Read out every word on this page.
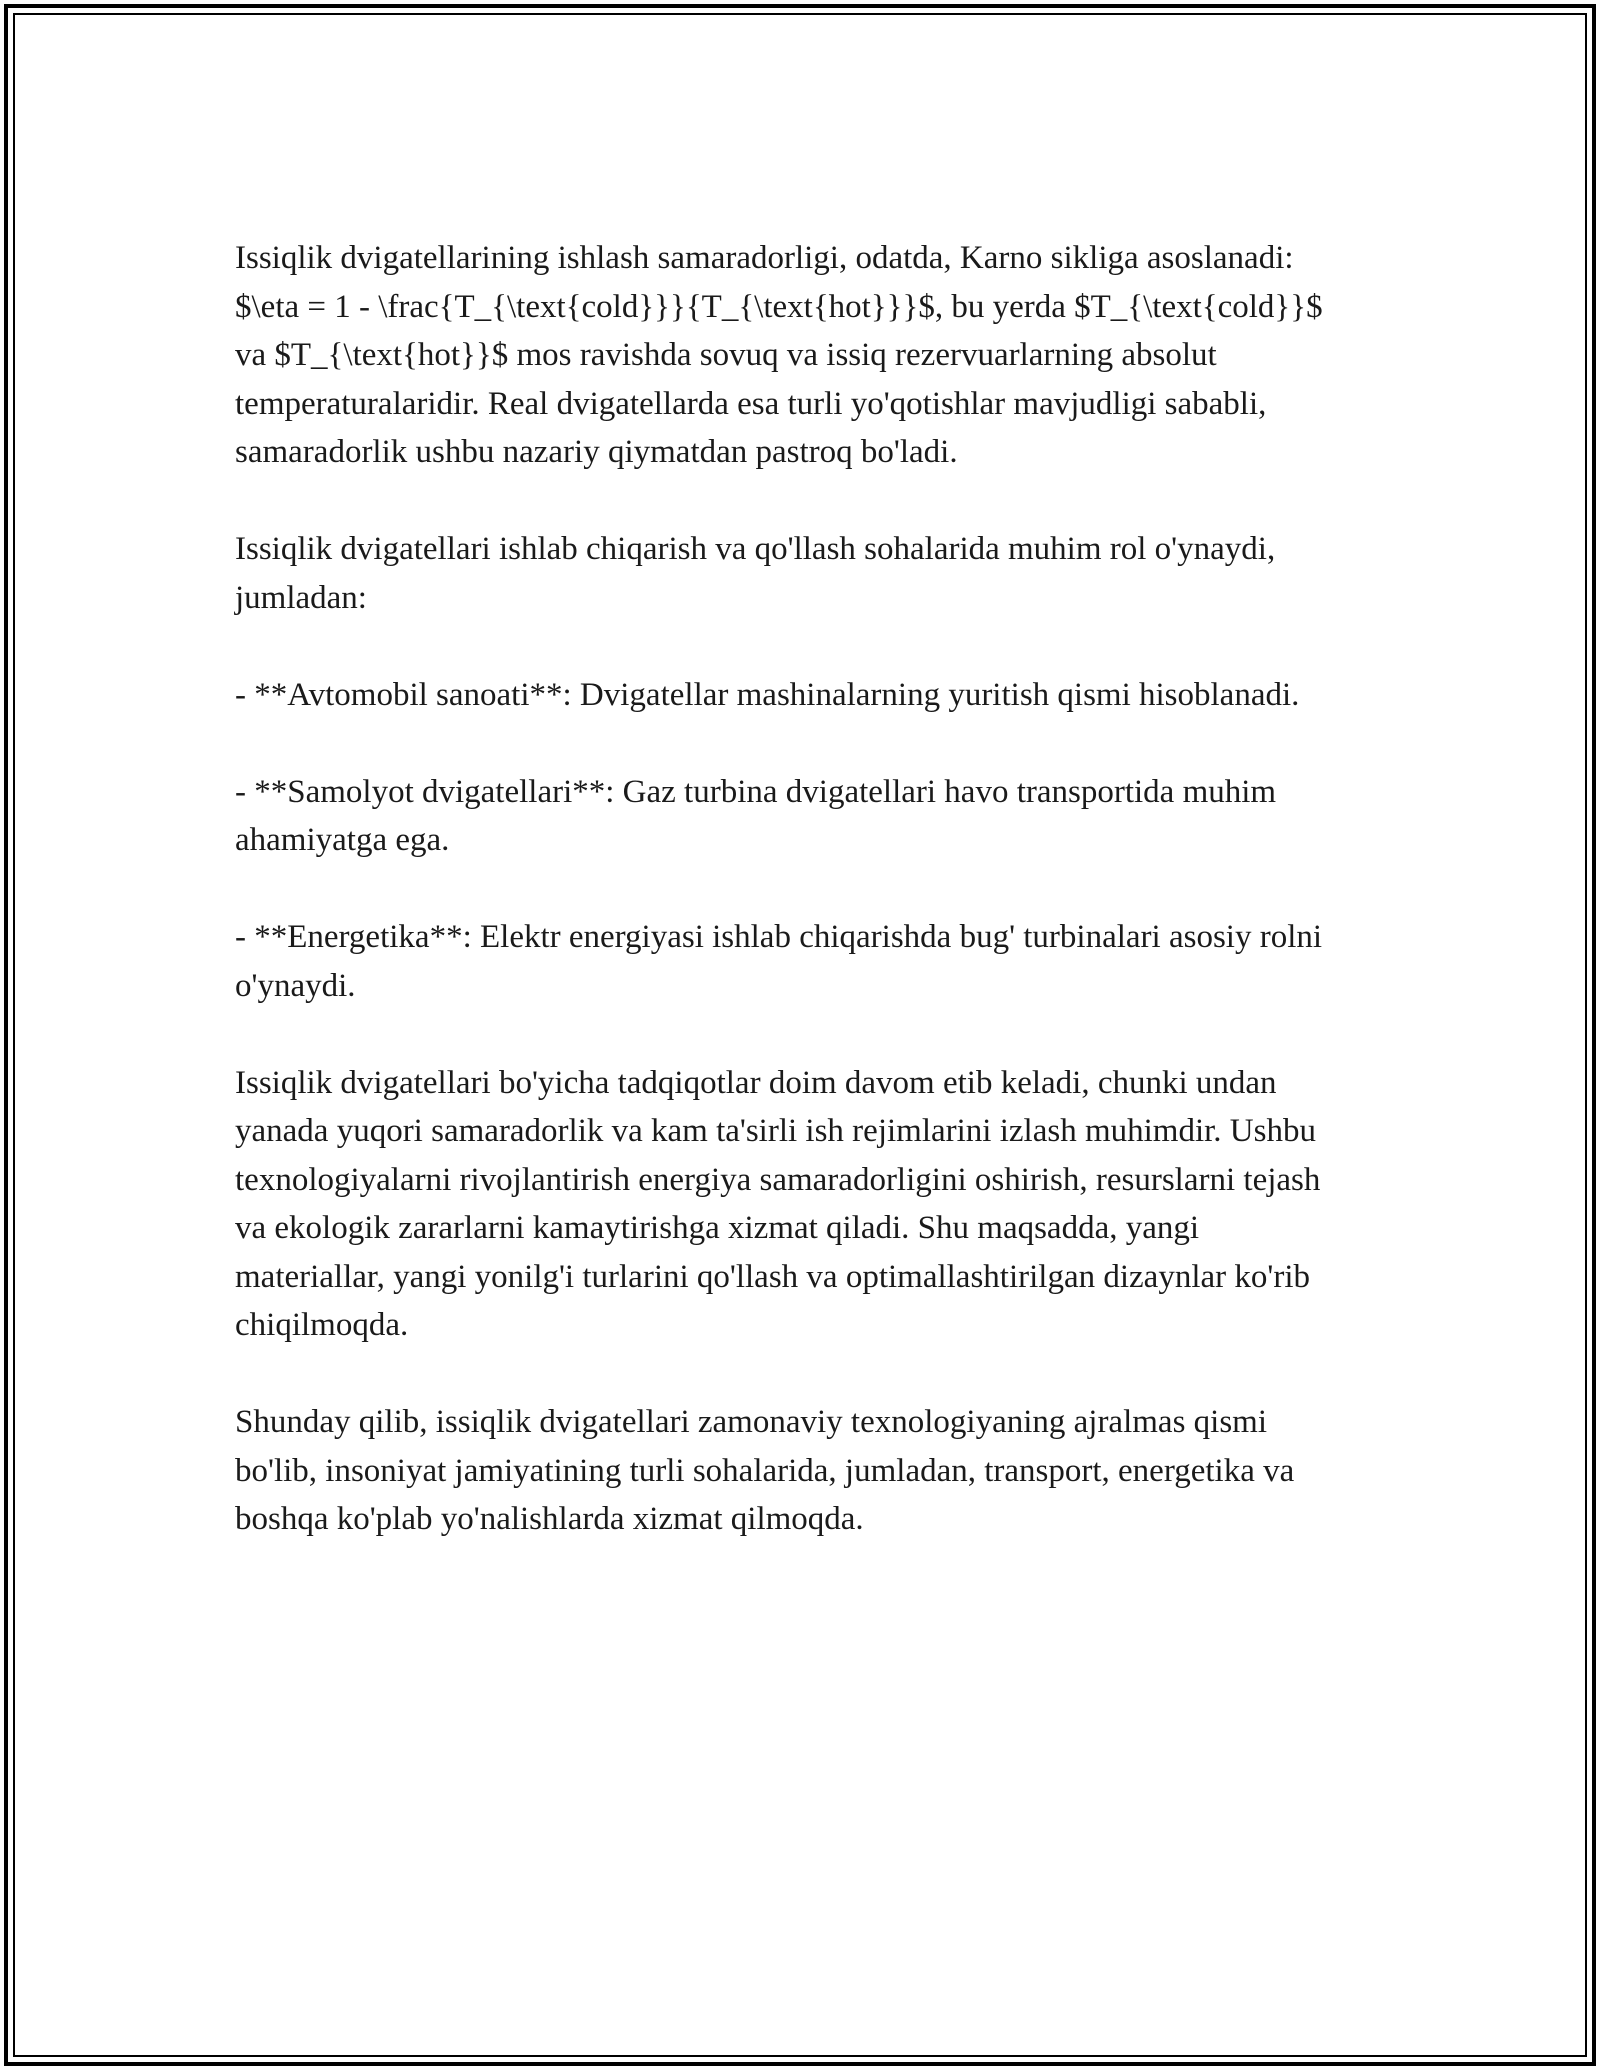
Issiqlik dvigatellarining ishlash samaradorligi, odatda, Karno sikliga asoslanadi: $\eta = 1 - \frac{T_{\text{cold}}}{T_{\text{hot}}}$, bu yerda $T_{\text{cold}}$ va $T_{\text{hot}}$ mos ravishda sovuq va issiq rezervuarlarning absolut temperaturalaridir. Real dvigatellarda esa turli yo'qotishlar mavjudligi sababli, samaradorlik ushbu nazariy qiymatdan pastroq bo'ladi.

Issiqlik dvigatellari ishlab chiqarish va qo'llash sohalarida muhim rol o'ynaydi, jumladan:

- **Avtomobil sanoati**: Dvigatellar mashinalarning yuritish qismi hisoblanadi.

- **Samolyot dvigatellari**: Gaz turbina dvigatellari havo transportida muhim ahamiyatga ega.

- **Energetika**: Elektr energiyasi ishlab chiqarishda bug' turbinalari asosiy rolni o'ynaydi.

Issiqlik dvigatellari bo'yicha tadqiqotlar doim davom etib keladi, chunki undan yanada yuqori samaradorlik va kam ta'sirli ish rejimlarini izlash muhimdir. Ushbu texnologiyalarni rivojlantirish energiya samaradorligini oshirish, resurslarni tejash va ekologik zararlarni kamaytirishga xizmat qiladi. Shu maqsadda, yangi materiallar, yangi yonilg'i turlarini qo'llash va optimallashtirilgan dizaynlar ko'rib chiqilmoqda.

Shunday qilib, issiqlik dvigatellari zamonaviy texnologiyaning ajralmas qismi bo'lib, insoniyat jamiyatining turli sohalarida, jumladan, transport, energetika va boshqa ko'plab yo'nalishlarda xizmat qilmoqda.
